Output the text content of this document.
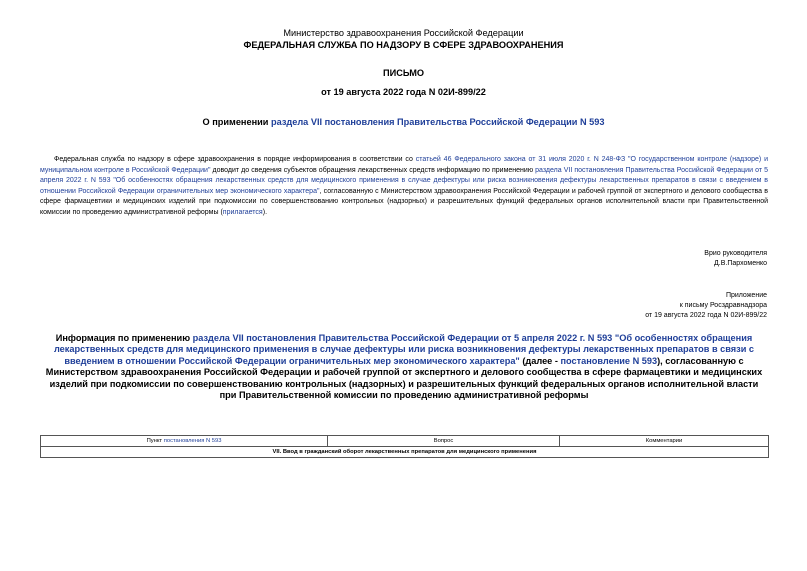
Министерство здравоохранения Российской Федерации
ФЕДЕРАЛЬНАЯ СЛУЖБА ПО НАДЗОРУ В СФЕРЕ ЗДРАВООХРАНЕНИЯ
ПИСЬМО
от 19 августа 2022 года N 02И-899/22
О применении раздела VII постановления Правительства Российской Федерации N 593
Федеральная служба по надзору в сфере здравоохранения в порядке информирования в соответствии со статьей 46 Федерального закона от 31 июля 2020 г. N 248-ФЗ "О государственном контроле (надзоре) и муниципальном контроле в Российской Федерации" доводит до сведения субъектов обращения лекарственных средств информацию по применению раздела VII постановления Правительства Российской Федерации от 5 апреля 2022 г. N 593 "Об особенностях обращения лекарственных средств для медицинского применения в случае дефектуры или риска возникновения дефектуры лекарственных препаратов в связи с введением в отношении Российской Федерации ограничительных мер экономического характера", согласованную с Министерством здравоохранения Российской Федерации и рабочей группой от экспертного и делового сообщества в сфере фармацевтики и медицинских изделий при подкомиссии по совершенствованию контрольных (надзорных) и разрешительных функций федеральных органов исполнительной власти при Правительственной комиссии по проведению административной реформы (прилагается).
Врио руководителя
Д.В.Пархоменко
Приложение
к письму Росздравнадзора
от 19 августа 2022 года N 02И-899/22
Информация по применению раздела VII постановления Правительства Российской Федерации от 5 апреля 2022 г. N 593 "Об особенностях обращения лекарственных средств для медицинского применения в случае дефектуры или риска возникновения дефектуры лекарственных препаратов в связи с введением в отношении Российской Федерации ограничительных мер экономического характера" (далее - постановление N 593), согласованную с Министерством здравоохранения Российской Федерации и рабочей группой от экспертного и делового сообщества в сфере фармацевтики и медицинских изделий при подкомиссии по совершенствованию контрольных (надзорных) и разрешительных функций федеральных органов исполнительной власти при Правительственной комиссии по проведению административной реформы
Пункт постановления N 593	Вопрос	Комментарии
VII. Ввод в гражданский оборот лекарственных препаратов для медицинского применения
